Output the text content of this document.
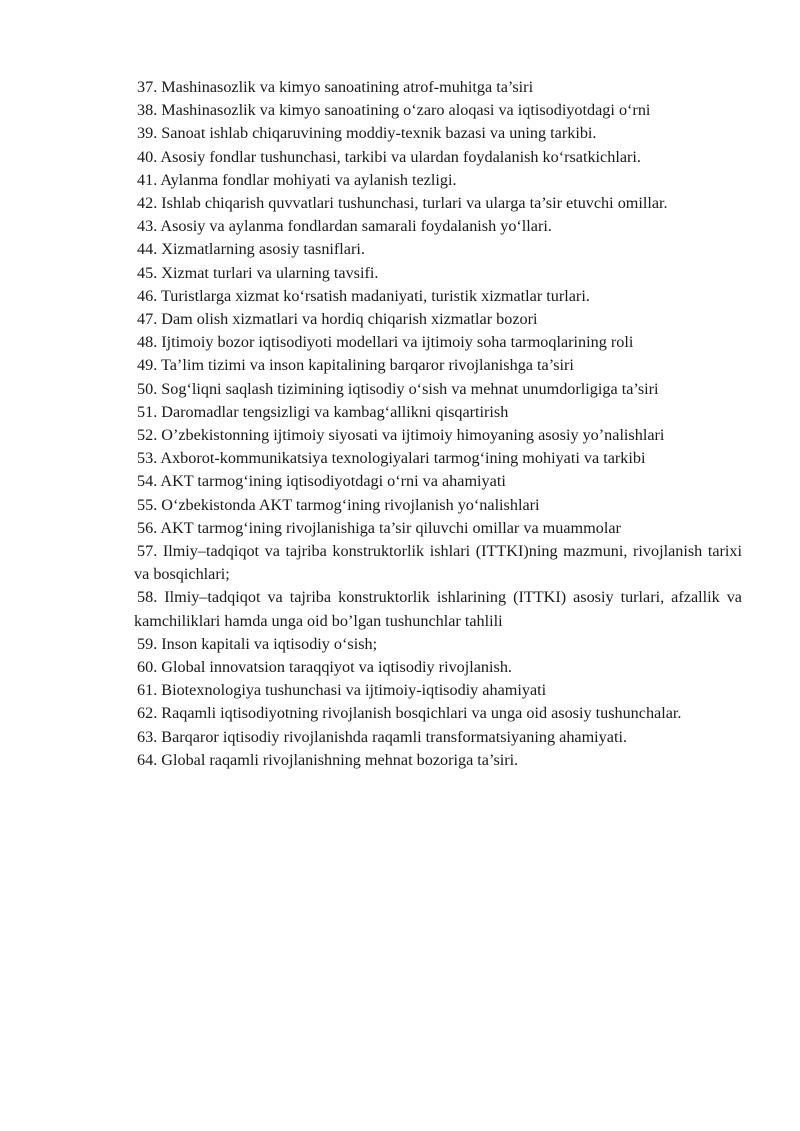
37. Mashinasozlik va kimyo sanoatining atrof-muhitga ta’siri
38. Mashinasozlik va kimyo sanoatining o‘zaro aloqasi va iqtisodiyotdagi o‘rni
39. Sanoat ishlab chiqaruvining moddiy-texnik bazasi va uning tarkibi.
40. Asosiy fondlar tushunchasi, tarkibi va ulardan foydalanish ko‘rsatkichlari.
41. Aylanma fondlar mohiyati va aylanish tezligi.
42. Ishlab chiqarish quvvatlari tushunchasi, turlari va ularga ta’sir etuvchi omillar.
43. Asosiy va aylanma fondlardan samarali foydalanish yo‘llari.
44. Xizmatlarning asosiy tasniflari.
45. Xizmat turlari va ularning tavsifi.
46. Turistlarga xizmat ko‘rsatish madaniyati, turistik xizmatlar turlari.
47. Dam olish xizmatlari va hordiq chiqarish xizmatlar bozori
48. Ijtimoiy bozor iqtisodiyoti modellari va ijtimoiy soha tarmoqlarining roli
49. Ta’lim tizimi va inson kapitalining barqaror rivojlanishga ta’siri
50. Sog‘liqni saqlash tizimining iqtisodiy o‘sish va mehnat unumdorligiga ta’siri
51. Daromadlar tengsizligi va kambag‘allikni qisqartirish
52. O’zbekistonning ijtimoiy siyosati va ijtimoiy himoyaning asosiy yo’nalishlari
53. Axborot-kommunikatsiya texnologiyalari tarmog‘ining mohiyati va tarkibi
54. AKT tarmog‘ining iqtisodiyotdagi o‘rni va ahamiyati
55. O‘zbekistonda AKT tarmog‘ining rivojlanish yo‘nalishlari
56. AKT tarmog‘ining rivojlanishiga ta’sir qiluvchi omillar va muammolar
57. Ilmiy–tadqiqot va tajriba konstruktorlik ishlari (ITTKI)ning mazmuni, rivojlanish tarixi va bosqichlari;
58. Ilmiy–tadqiqot va tajriba konstruktorlik ishlarining (ITTKI) asosiy turlari, afzallik va kamchiliklari hamda unga oid bo’lgan tushunchlar tahlili
59. Inson kapitali va iqtisodiy o‘sish;
60. Global innovatsion taraqqiyot va iqtisodiy rivojlanish.
61. Biotexnologiya tushunchasi va ijtimoiy-iqtisodiy ahamiyati
62. Raqamli iqtisodiyotning rivojlanish bosqichlari va unga oid asosiy tushunchalar.
63. Barqaror iqtisodiy rivojlanishda raqamli transformatsiyaning ahamiyati.
64. Global raqamli rivojlanishning mehnat bozoriga ta’siri.
